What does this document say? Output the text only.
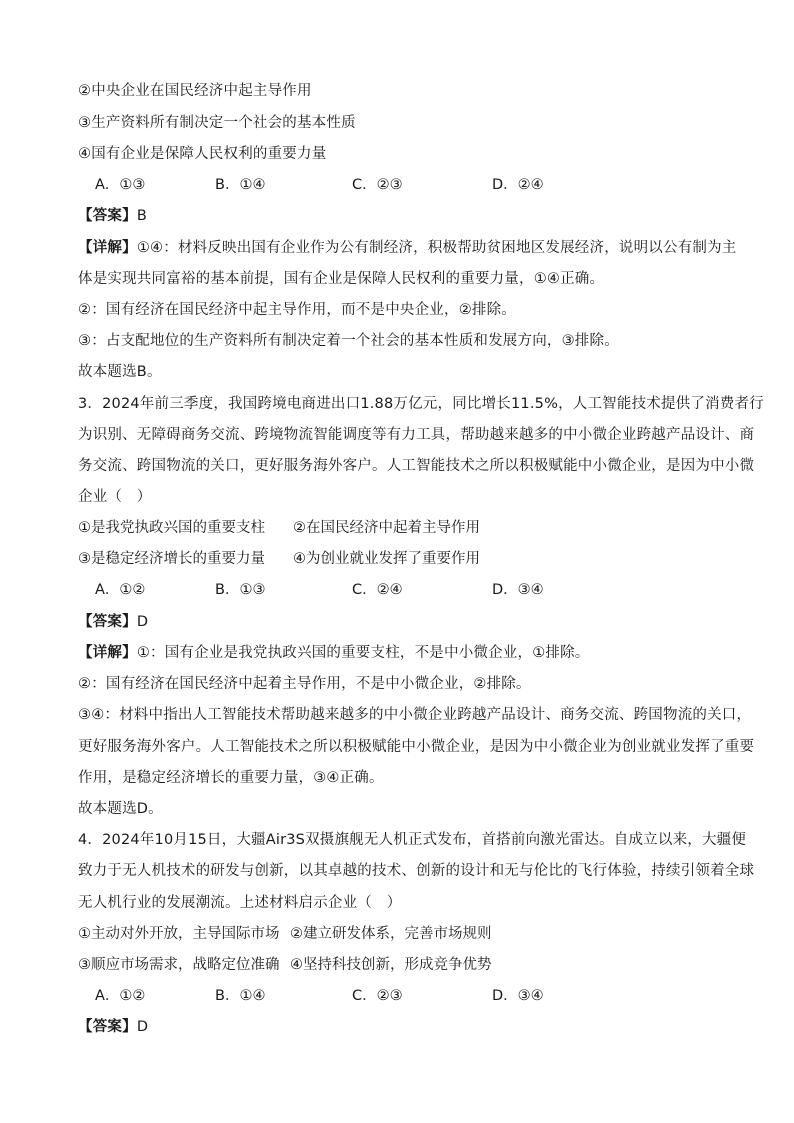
②中央企业在国民经济中起主导作用
③生产资料所有制决定一个社会的基本性质
④国有企业是保障人民权利的重要力量
A．①③	B．①④	C．②③	D．②④
【答案】B
【详解】①④：材料反映出国有企业作为公有制经济，积极帮助贫困地区发展经济，说明以公有制为主
体是实现共同富裕的基本前提，国有企业是保障人民权利的重要力量，①④正确。
②：国有经济在国民经济中起主导作用，而不是中央企业，②排除。
③：占支配地位的生产资料所有制决定着一个社会的基本性质和发展方向，③排除。
故本题选B。
3．2024年前三季度，我国跨境电商进出口1.88万亿元，同比增长11.5%，人工智能技术提供了消费者行
为识别、无障碍商务交流、跨境物流智能调度等有力工具，帮助越来越多的中小微企业跨越产品设计、商
务交流、跨国物流的关口，更好服务海外客户。人工智能技术之所以积极赋能中小微企业，是因为中小微
企业（　）
①是我党执政兴国的重要支柱 ②在国民经济中起着主导作用
③是稳定经济增长的重要力量 ④为创业就业发挥了重要作用
A．①②	B．①③	C．②④	D．③④
【答案】D
【详解】①：国有企业是我党执政兴国的重要支柱，不是中小微企业，①排除。
②：国有经济在国民经济中起着主导作用，不是中小微企业，②排除。
③④：材料中指出人工智能技术帮助越来越多的中小微企业跨越产品设计、商务交流、跨国物流的关口，
更好服务海外客户。人工智能技术之所以积极赋能中小微企业，是因为中小微企业为创业就业发挥了重要
作用，是稳定经济增长的重要力量，③④正确。
故本题选D。
4．2024年10月15日，大疆Air3S双摄旗舰无人机正式发布，首搭前向激光雷达。自成立以来，大疆便
致力于无人机技术的研发与创新，以其卓越的技术、创新的设计和无与伦比的飞行体验，持续引领着全球
无人机行业的发展潮流。上述材料启示企业（　）
①主动对外开放，主导国际市场 ②建立研发体系，完善市场规则
③顺应市场需求，战略定位准确 ④坚持科技创新，形成竞争优势
A．①②	B．①④	C．②③	D．③④
【答案】D
